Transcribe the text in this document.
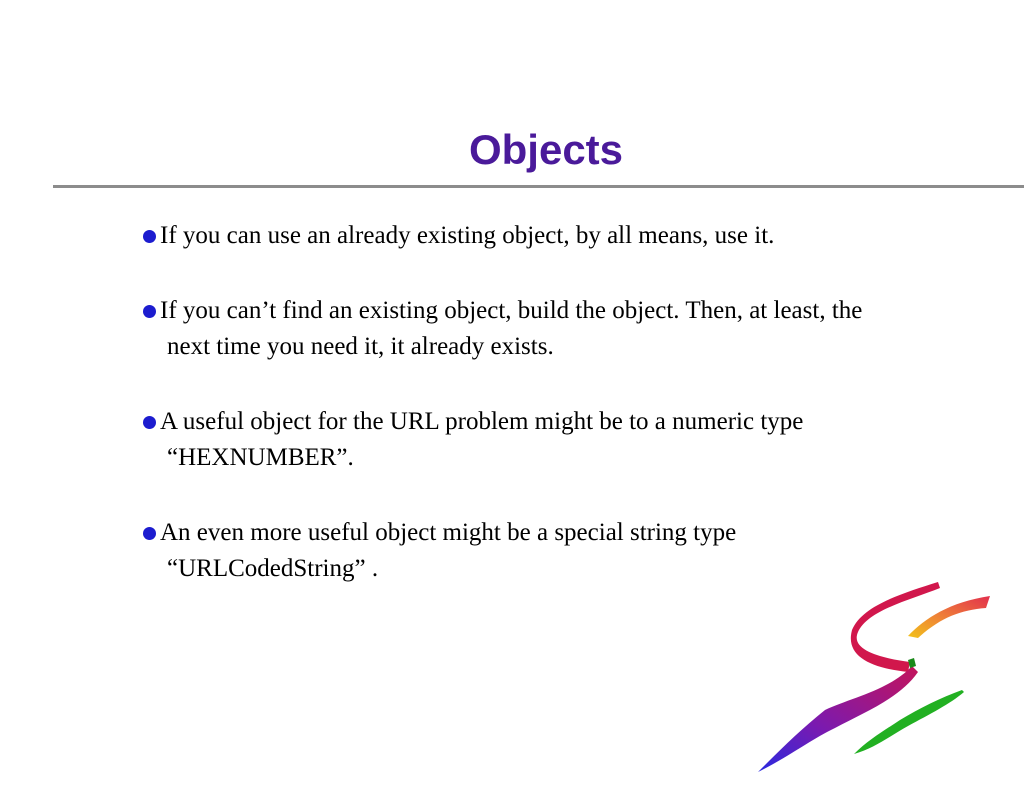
Objects
If you can use an already existing object, by all means, use it.
If you can’t find an existing object, build the object. Then, at least, the next time you need it, it already exists.
A useful object for the URL problem might be to a numeric type “HEXNUMBER”.
An even more useful object might be a special string type “URLCodedString” .
